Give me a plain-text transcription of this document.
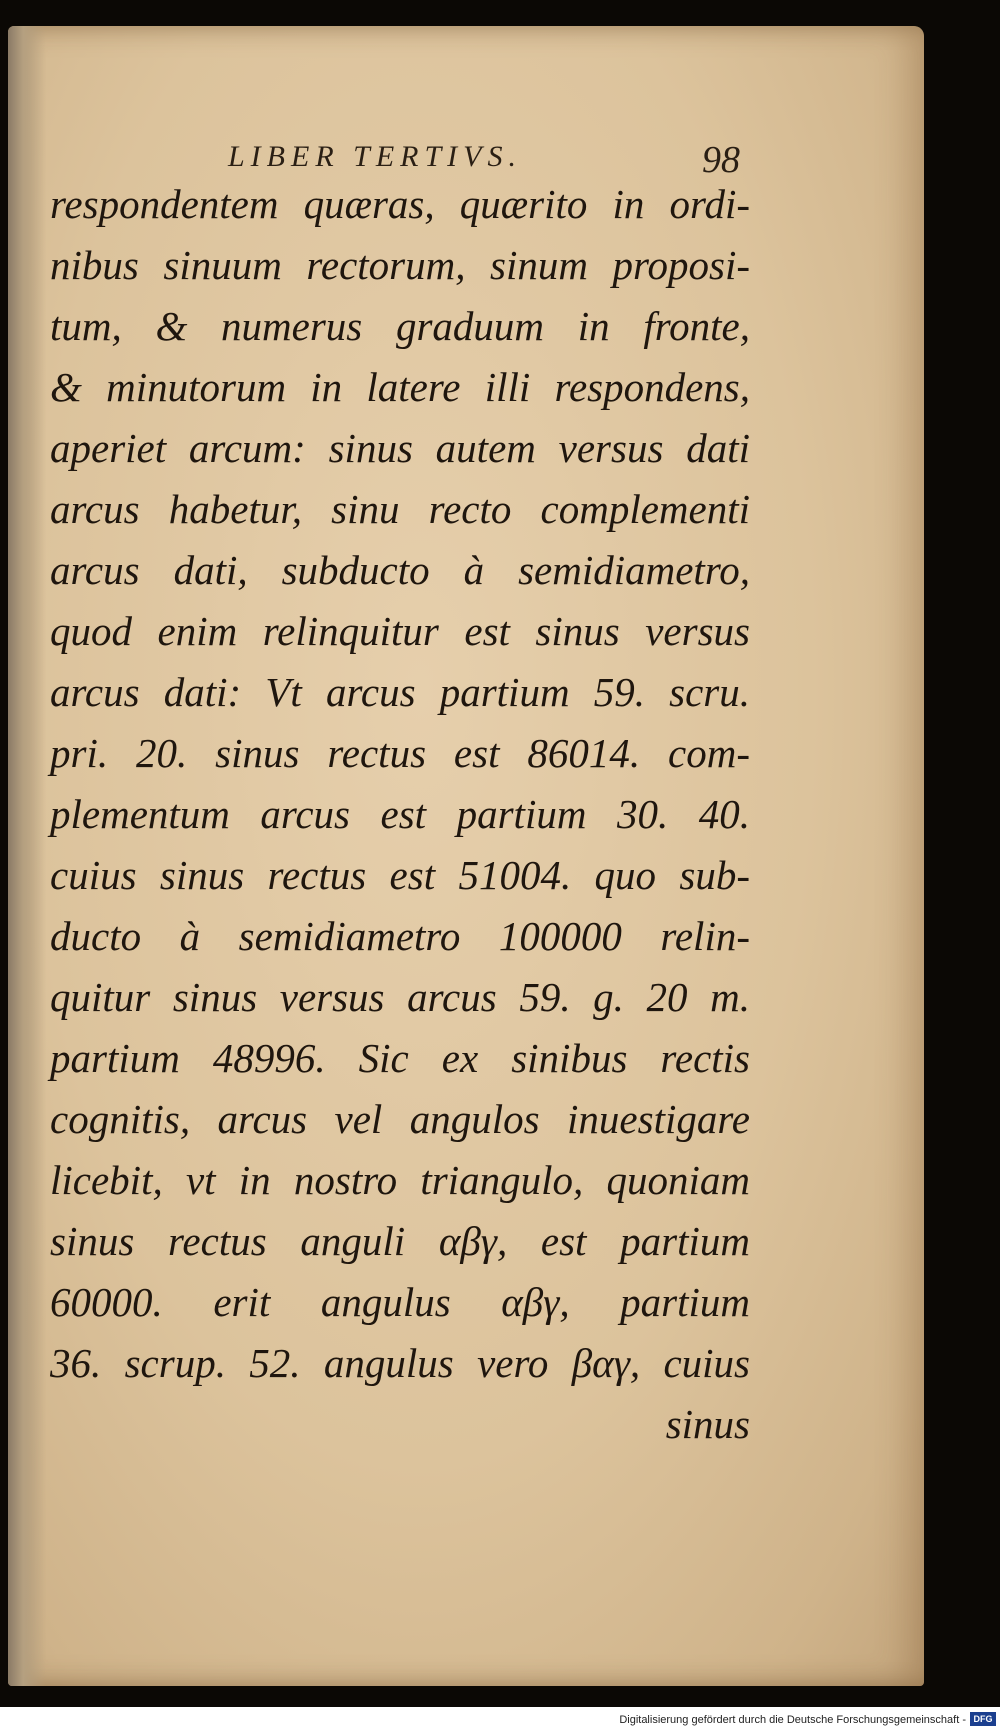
LIBER TERTIVS.	98
respondentem quæras, quærito in ordi-
nibus sinuum rectorum, sinum proposi-
tum, & numerus graduum in fronte,
& minutorum in latere illi respondens,
aperiet arcum: sinus autem versus dati
arcus habetur, sinu recto complementi
arcus dati, subducto à semidiametro,
quod enim relinquitur est sinus versus
arcus dati: Vt arcus partium 59. scru.
pri. 20. sinus rectus est 86014. com-
plementum arcus est partium 30. 40.
cuius sinus rectus est 51004. quo sub-
ducto à semidiametro 100000 relin-
quitur sinus versus arcus 59. g. 20 m.
partium 48996. Sic ex sinibus rectis
cognitis, arcus vel angulos inuestigare
licebit, vt in nostro triangulo, quoniam
sinus rectus anguli αβγ, est partium
60000. erit angulus αβγ, partium
36. scrup. 52. angulus vero βαγ, cuius
sinus
Digitalisierung gefördert durch die Deutsche Forschungsgemeinschaft - DFG
